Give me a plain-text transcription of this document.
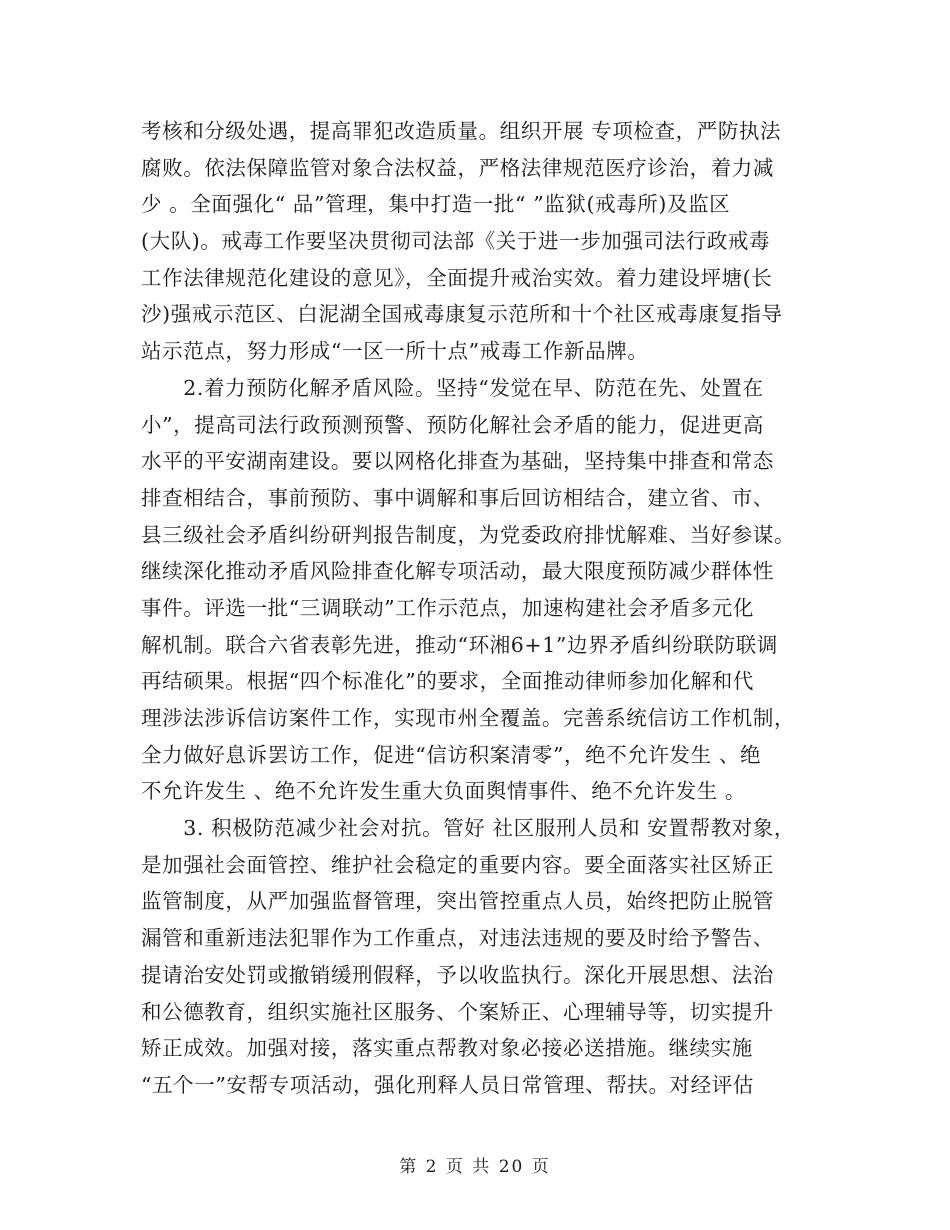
考核和分级处遇，提高罪犯改造质量。组织开展 专项检查，严防执法
腐败。依法保障监管对象合法权益，严格法律规范医疗诊治，着力减
少 。全面强化“ 品”管理，集中打造一批“ ”监狱(戒毒所)及监区
(大队)。戒毒工作要坚决贯彻司法部《关于进一步加强司法行政戒毒
工作法律规范化建设的意见》，全面提升戒治实效。着力建设坪塘(长
沙)强戒示范区、白泥湖全国戒毒康复示范所和十个社区戒毒康复指导
站示范点，努力形成“一区一所十点”戒毒工作新品牌。
　　2.着力预防化解矛盾风险。坚持“发觉在早、防范在先、处置在
小”，提高司法行政预测预警、预防化解社会矛盾的能力，促进更高
水平的平安湖南建设。要以网格化排查为基础，坚持集中排查和常态
排查相结合，事前预防、事中调解和事后回访相结合，建立省、市、
县三级社会矛盾纠纷研判报告制度，为党委政府排忧解难、当好参谋。
继续深化推动矛盾风险排查化解专项活动，最大限度预防减少群体性
事件。评选一批“三调联动”工作示范点，加速构建社会矛盾多元化
解机制。联合六省表彰先进，推动“环湘6+1”边界矛盾纠纷联防联调
再结硕果。根据“四个标准化”的要求，全面推动律师参加化解和代
理涉法涉诉信访案件工作，实现市州全覆盖。完善系统信访工作机制，
全力做好息诉罢访工作，促进“信访积案清零”，绝不允许发生 、绝
不允许发生 、绝不允许发生重大负面舆情事件、绝不允许发生 。
　　3. 积极防范减少社会对抗。管好 社区服刑人员和 安置帮教对象，
是加强社会面管控、维护社会稳定的重要内容。要全面落实社区矫正
监管制度，从严加强监督管理，突出管控重点人员，始终把防止脱管
漏管和重新违法犯罪作为工作重点，对违法违规的要及时给予警告、
提请治安处罚或撤销缓刑假释，予以收监执行。深化开展思想、法治
和公德教育，组织实施社区服务、个案矫正、心理辅导等，切实提升
矫正成效。加强对接，落实重点帮教对象必接必送措施。继续实施
“五个一”安帮专项活动，强化刑释人员日常管理、帮扶。对经评估
第 2 页 共 20 页
